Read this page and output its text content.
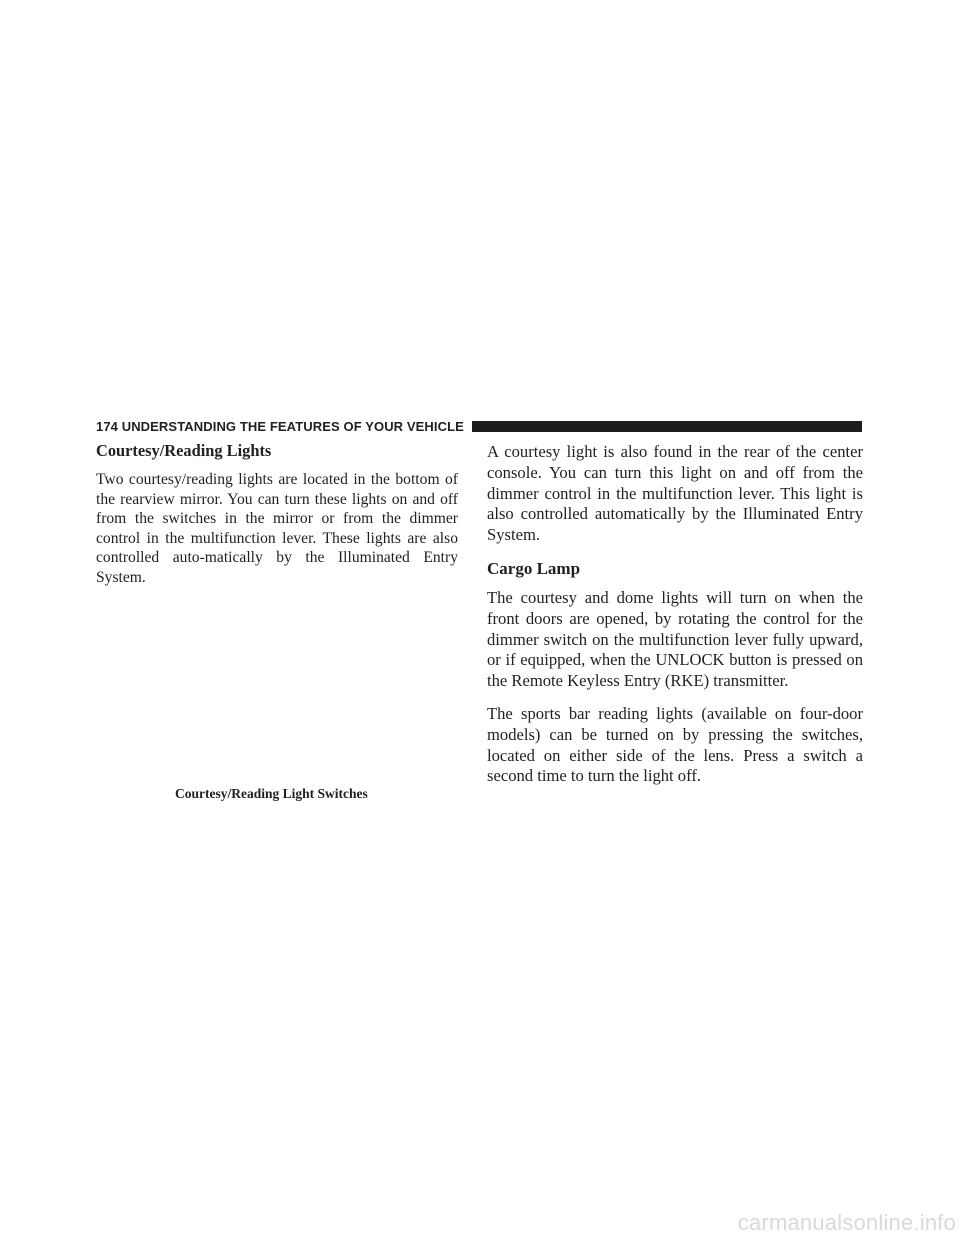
174 UNDERSTANDING THE FEATURES OF YOUR VEHICLE
Courtesy/Reading Lights

Two courtesy/reading lights are located in the bottom of the rearview mirror. You can turn these lights on and off from the switches in the mirror or from the dimmer control in the multifunction lever. These lights are also controlled auto-matically by the Illuminated Entry System.

Courtesy/Reading Light Switches

A courtesy light is also found in the rear of the center console. You can turn this light on and off from the dimmer control in the multifunction lever. This light is also controlled automatically by the Illuminated Entry System.

Cargo Lamp

The courtesy and dome lights will turn on when the front doors are opened, by rotating the control for the dimmer switch on the multifunction lever fully upward, or if equipped, when the UNLOCK button is pressed on the Remote Keyless Entry (RKE) transmitter.

The sports bar reading lights (available on four-door models) can be turned on by pressing the switches, located on either side of the lens. Press a switch a second time to turn the light off.

carmanualsonline.info
